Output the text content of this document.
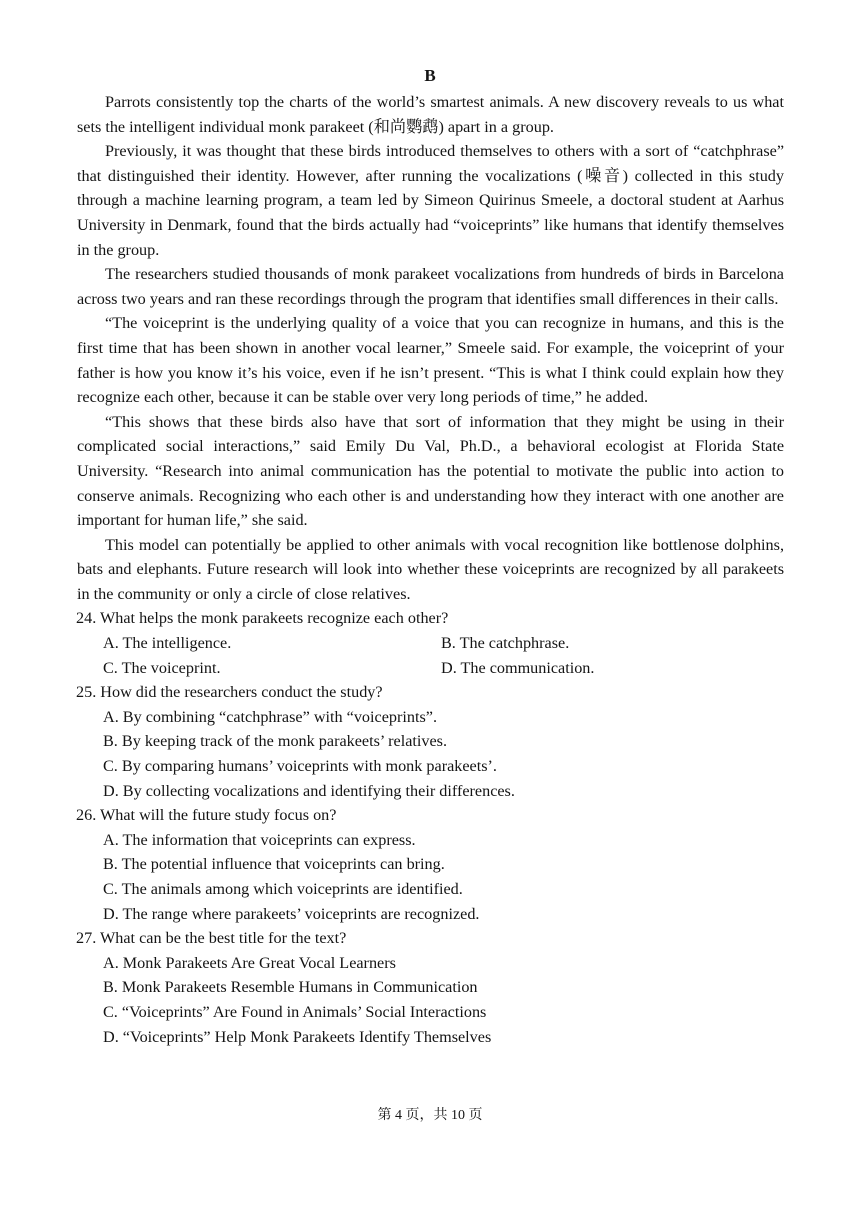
B

Parrots consistently top the charts of the world’s smartest animals. A new discovery reveals to us what sets the intelligent individual monk parakeet (和尚鹦鹉) apart in a group.

Previously, it was thought that these birds introduced themselves to others with a sort of “catchphrase” that distinguished their identity. However, after running the vocalizations (噪音) collected in this study through a machine learning program, a team led by Simeon Quirinus Smeele, a doctoral student at Aarhus University in Denmark, found that the birds actually had “voiceprints” like humans that identify themselves in the group.

The researchers studied thousands of monk parakeet vocalizations from hundreds of birds in Barcelona across two years and ran these recordings through the program that identifies small differences in their calls.

“The voiceprint is the underlying quality of a voice that you can recognize in humans, and this is the first time that has been shown in another vocal learner,” Smeele said. For example, the voiceprint of your father is how you know it’s his voice, even if he isn’t present. “This is what I think could explain how they recognize each other, because it can be stable over very long periods of time,” he added.

“This shows that these birds also have that sort of information that they might be using in their complicated social interactions,” said Emily Du Val, Ph.D., a behavioral ecologist at Florida State University. “Research into animal communication has the potential to motivate the public into action to conserve animals. Recognizing who each other is and understanding how they interact with one another are important for human life,” she said.

This model can potentially be applied to other animals with vocal recognition like bottlenose dolphins, bats and elephants. Future research will look into whether these voiceprints are recognized by all parakeets in the community or only a circle of close relatives.

24. What helps the monk parakeets recognize each other?
A. The intelligence.	B. The catchphrase.
C. The voiceprint.	D. The communication.
25. How did the researchers conduct the study?
A. By combining “catchphrase” with “voiceprints”.
B. By keeping track of the monk parakeets’ relatives.
C. By comparing humans’ voiceprints with monk parakeets’.
D. By collecting vocalizations and identifying their differences.
26. What will the future study focus on?
A. The information that voiceprints can express.
B. The potential influence that voiceprints can bring.
C. The animals among which voiceprints are identified.
D. The range where parakeets’ voiceprints are recognized.
27. What can be the best title for the text?
A. Monk Parakeets Are Great Vocal Learners
B. Monk Parakeets Resemble Humans in Communication
C. “Voiceprints” Are Found in Animals’ Social Interactions
D. “Voiceprints” Help Monk Parakeets Identify Themselves
第 4 页，共 10 页
